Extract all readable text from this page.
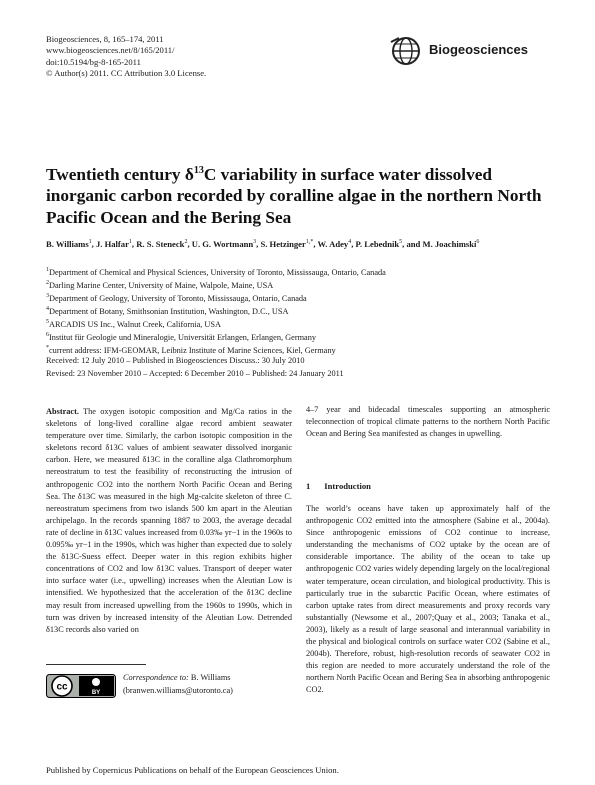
Biogeosciences, 8, 165–174, 2011
www.biogeosciences.net/8/165/2011/
doi:10.5194/bg-8-165-2011
© Author(s) 2011. CC Attribution 3.0 License.
Biogeosciences
Twentieth century $\delta^{13}C$ variability in surface water dissolved inorganic carbon recorded by coralline algae in the northern North Pacific Ocean and the Bering Sea
B. Williams$^1$, J. Halfar$^1$, R. S. Steneck$^2$, U. G. Wortmann$^3$, S. Hetzinger$^{1,*}$, W. Adey$^4$, P. Lebednik$^5$, and M. Joachimski$^6$
$^1$Department of Chemical and Physical Sciences, University of Toronto, Mississauga, Ontario, Canada
$^2$Darling Marine Center, University of Maine, Walpole, Maine, USA
$^3$Department of Geology, University of Toronto, Mississauga, Ontario, Canada
$^4$Department of Botany, Smithsonian Institution, Washington, D.C., USA
$^5$ARCADIS US Inc., Walnut Creek, California, USA
$^6$Institut für Geologie und Mineralogie, Universität Erlangen, Erlangen, Germany
*current address: IFM-GEOMAR, Leibniz Institute of Marine Sciences, Kiel, Germany
Received: 12 July 2010 – Published in Biogeosciences Discuss.: 30 July 2010
Revised: 23 November 2010 – Accepted: 6 December 2010 – Published: 24 January 2011
Abstract. The oxygen isotopic composition and Mg/Ca ratios in the skeletons of long-lived coralline algae record ambient seawater temperature over time. Similarly, the carbon isotopic composition in the skeletons record δ13C values of ambient seawater dissolved inorganic carbon. Here, we measured δ13C in the coralline alga Clathromorphum nereostratum to test the feasibility of reconstructing the intrusion of anthropogenic CO2 into the northern North Pacific Ocean and Bering Sea. The δ13C was measured in the high Mg-calcite skeleton of three C. nereostratum specimens from two islands 500 km apart in the Aleutian archipelago. In the records spanning 1887 to 2003, the average decadal rate of decline in δ13C values increased from 0.03‰ yr−1 in the 1960s to 0.095‰ yr−1 in the 1990s, which was higher than expected due to solely the δ13C-Suess effect. Deeper water in this region exhibits higher concentrations of CO2 and low δ13C values. Transport of deeper water into surface water (i.e., upwelling) increases when the Aleutian Low is intensified. We hypothesized that the acceleration of the δ13C decline may result from increased upwelling from the 1960s to 1990s, which in turn was driven by increased intensity of the Aleutian Low. Detrended δ13C records also varied on
4–7 year and bidecadal timescales supporting an atmospheric teleconnection of tropical climate patterns to the northern North Pacific Ocean and Bering Sea manifested as changes in upwelling.
1 Introduction
The world’s oceans have taken up approximately half of the anthropogenic CO2 emitted into the atmosphere (Sabine et al., 2004a). Since anthropogenic emissions of CO2 continue to increase, understanding the mechanisms of CO2 uptake by the ocean are of considerable importance. The ability of the ocean to take up anthropogenic CO2 varies widely depending largely on the local/regional water temperature, ocean circulation, and biological productivity. This is particularly true in the subarctic Pacific Ocean, where estimates of carbon uptake rates from direct measurements and proxy records vary substantially (Newsome et al., 2007;Quay et al., 2003; Tanaka et al., 2003), likely as a result of large seasonal and interannual variability in the physical and biological controls on surface water CO2 (Sabine et al., 2004b). Therefore, robust, high-resolution records of seawater CO2 in this region are needed to more accurately understand the role of the northern North Pacific Ocean and Bering Sea in absorbing anthropogenic CO2.
cc
BY
Correspondence to: B. Williams
(branwen.williams@utoronto.ca)
Published by Copernicus Publications on behalf of the European Geosciences Union.
